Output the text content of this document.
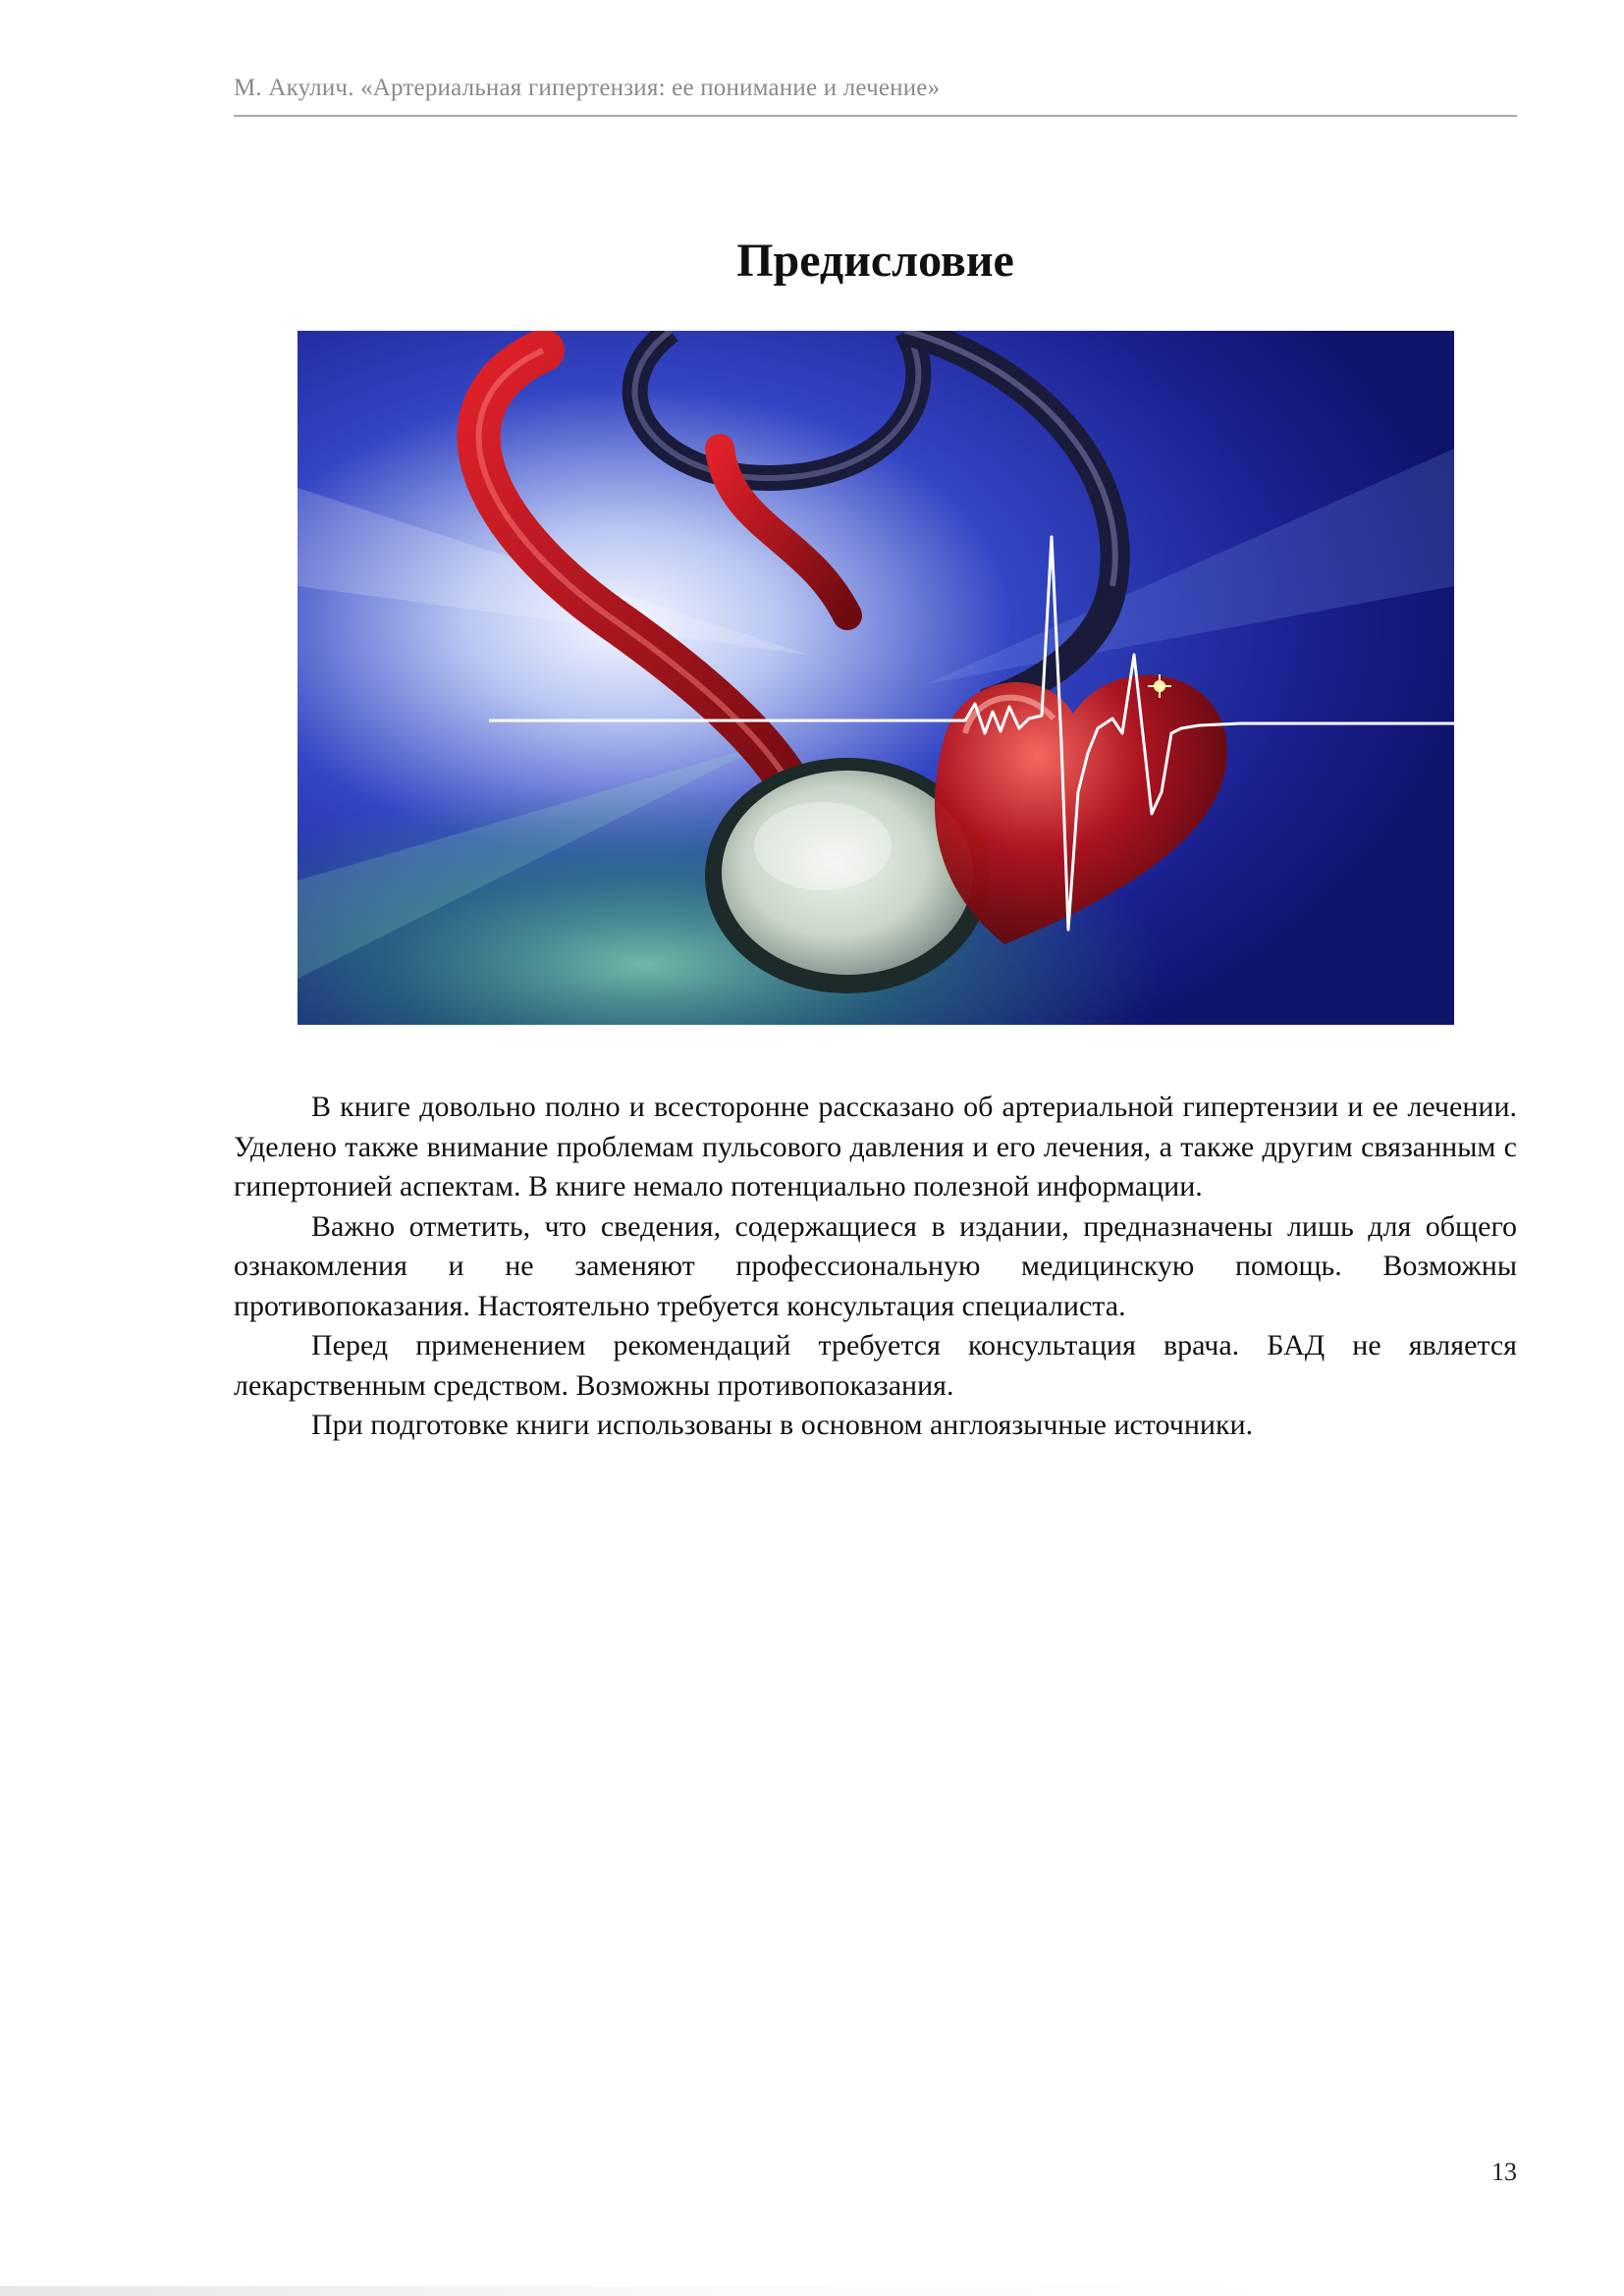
М. Акулич. «Артериальная гипертензия: ее понимание и лечение»
Предисловие

В книге довольно полно и всесторонне рассказано об артериальной гипертензии и ее лечении. Уделено также внимание проблемам пульсового давления и его лечения, а также другим связанным с гипертонией аспектам. В книге немало потенциально полезной информации.

Важно отметить, что сведения, содержащиеся в издании, предназначены лишь для общего ознакомления и не заменяют профессиональную медицинскую помощь. Возможны противопоказания. Настоятельно требуется консультация специалиста.

Перед применением рекомендаций требуется консультация врача. БАД не является лекарственным средством. Возможны противопоказания.

При подготовке книги использованы в основном англоязычные источники.

13
